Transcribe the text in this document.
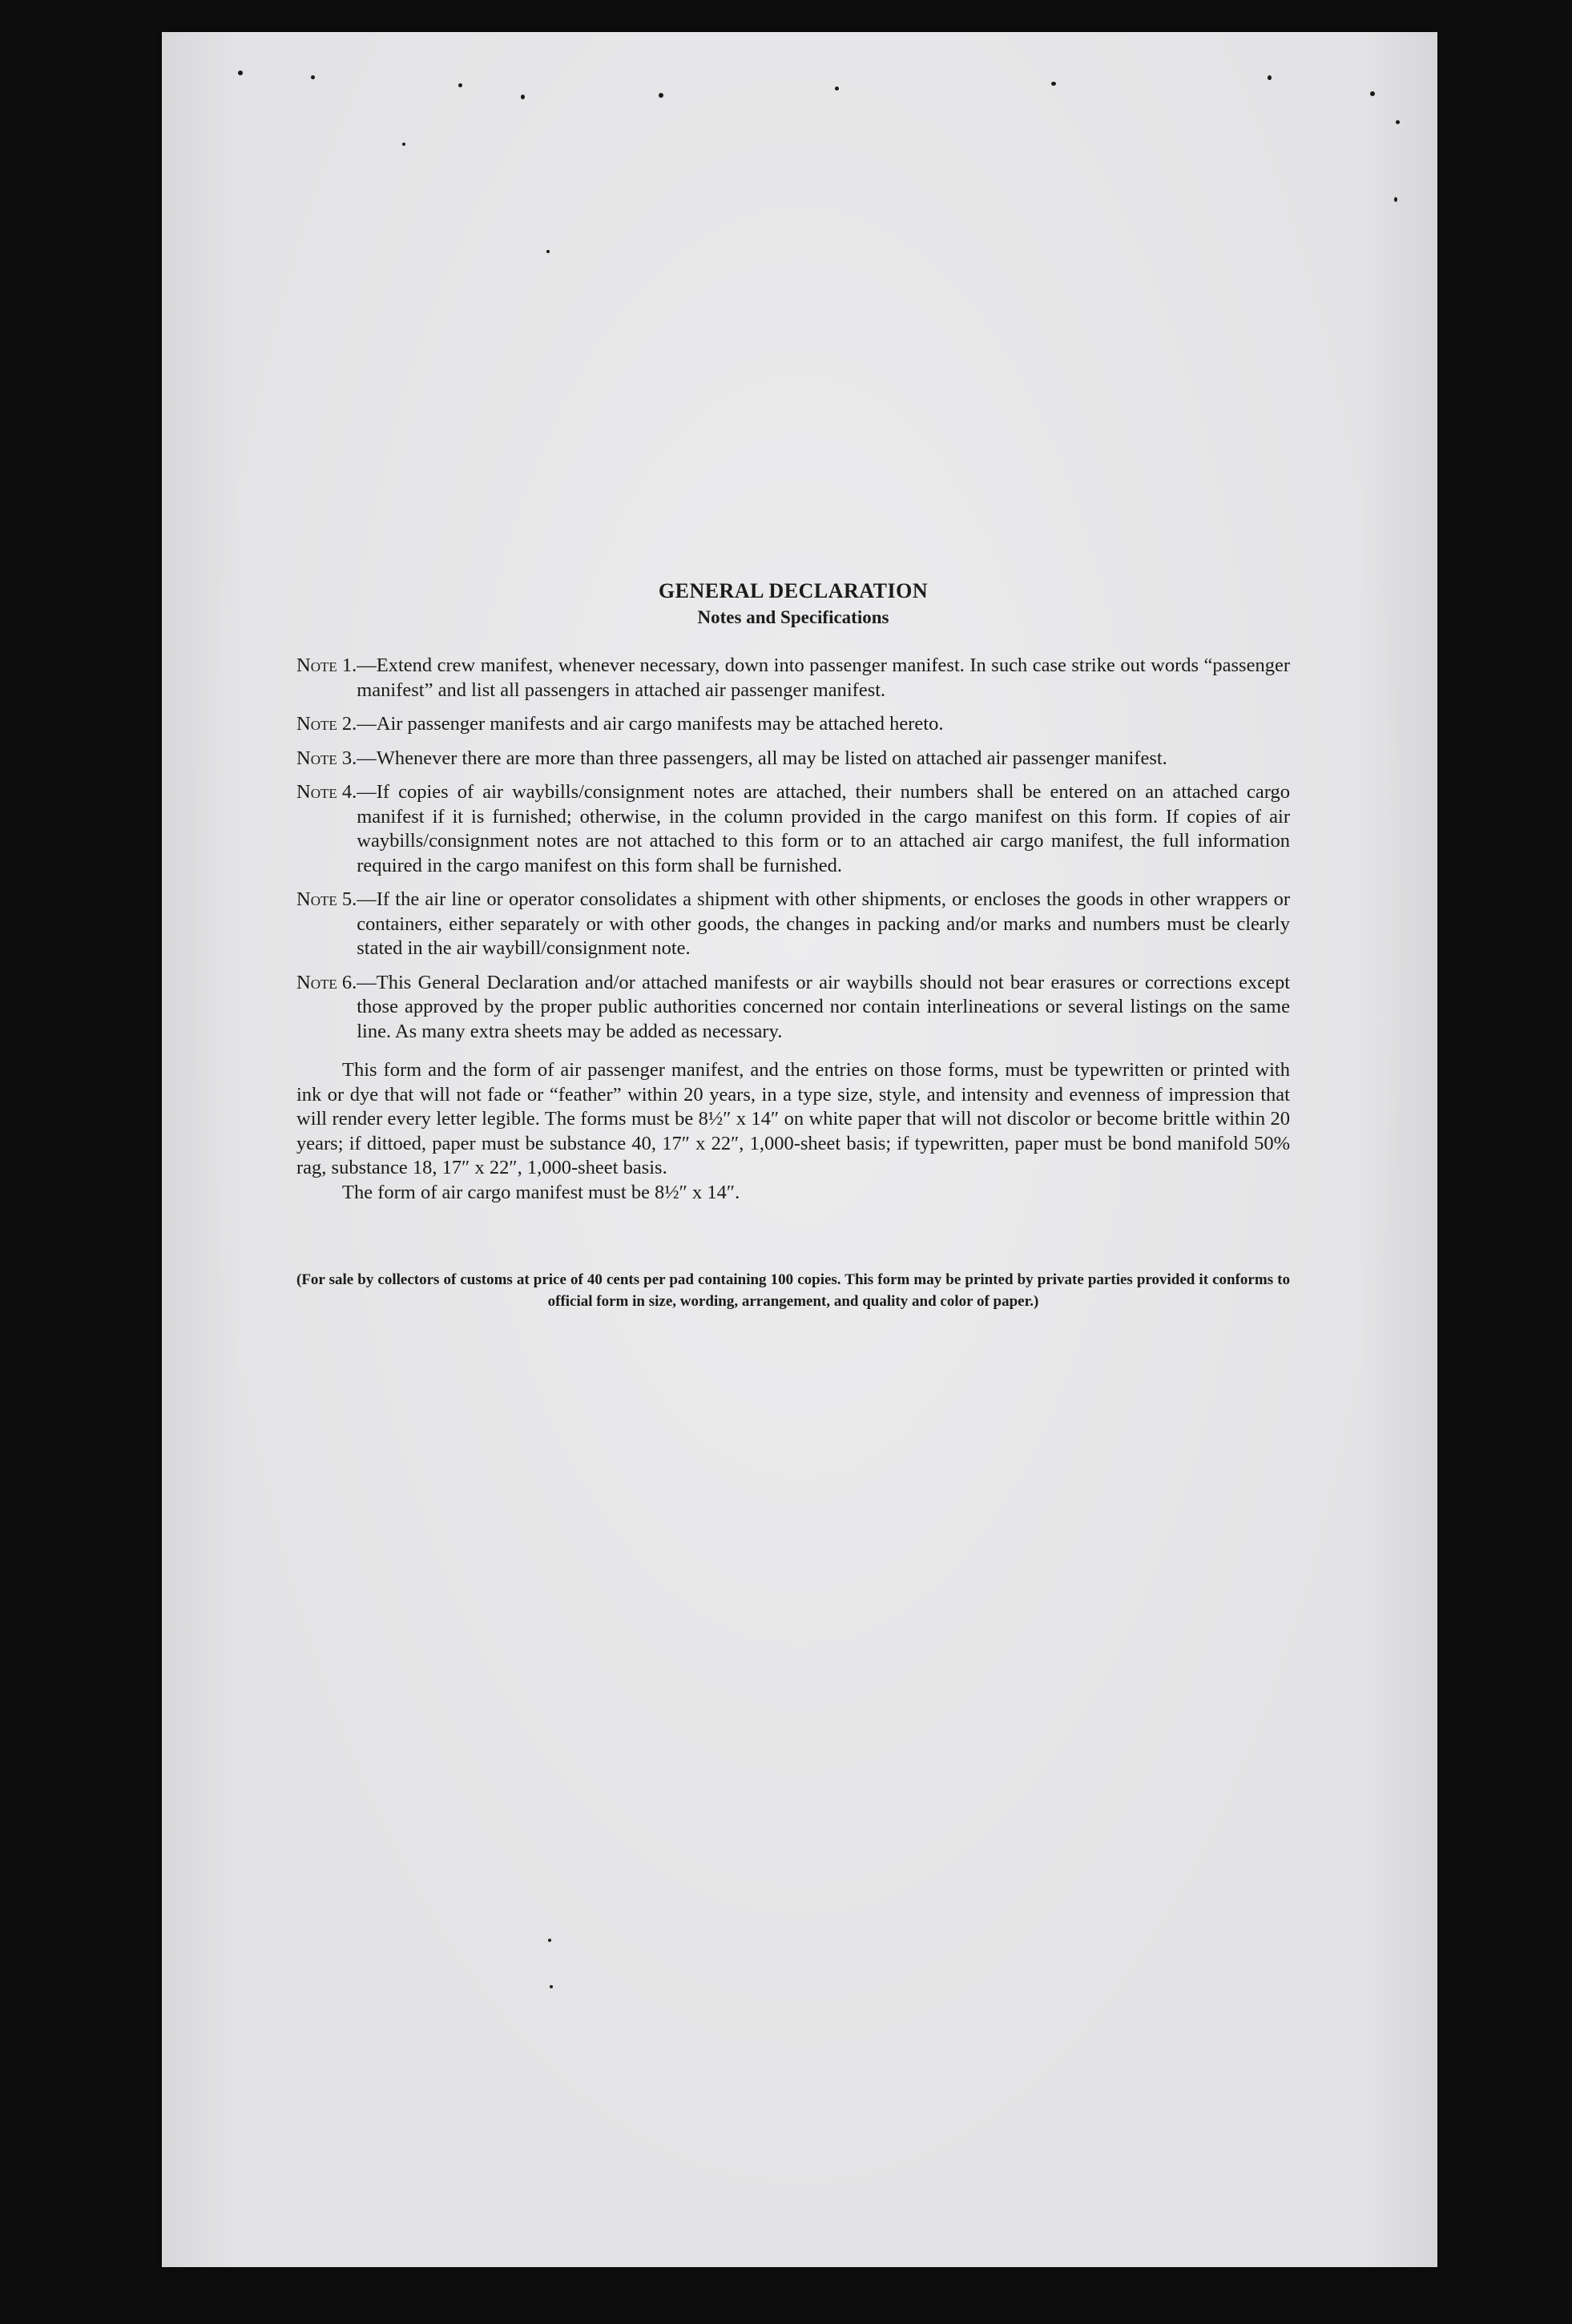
GENERAL DECLARATION
Notes and Specifications
Note 1. —Extend crew manifest, whenever necessary, down into passenger manifest. In such case strike out words “passenger manifest” and list all passengers in attached air passenger manifest.
Note 2. —Air passenger manifests and air cargo manifests may be attached hereto.
Note 3. —Whenever there are more than three passengers, all may be listed on attached air passenger manifest.
Note 4. —If copies of air waybills/consignment notes are attached, their numbers shall be entered on an attached cargo manifest if it is furnished; otherwise, in the column provided in the cargo manifest on this form. If copies of air waybills/consignment notes are not attached to this form or to an attached air cargo manifest, the full information required in the cargo manifest on this form shall be furnished.
Note 5. —If the air line or operator consolidates a shipment with other shipments, or encloses the goods in other wrappers or containers, either separately or with other goods, the changes in packing and/or marks and numbers must be clearly stated in the air waybill/consignment note.
Note 6. —This General Declaration and/or attached manifests or air waybills should not bear erasures or corrections except those approved by the proper public authorities concerned nor contain interlineations or several listings on the same line. As many extra sheets may be added as necessary.

This form and the form of air passenger manifest, and the entries on those forms, must be typewritten or printed with ink or dye that will not fade or “feather” within 20 years, in a type size, style, and intensity and evenness of impression that will render every letter legible. The forms must be 8½″ x 14″ on white paper that will not discolor or become brittle within 20 years; if dittoed, paper must be substance 40, 17″ x 22″, 1,000-sheet basis; if typewritten, paper must be bond manifold 50% rag, substance 18, 17″ x 22″, 1,000-sheet basis.

The form of air cargo manifest must be 8½″ x 14″.

(For sale by collectors of customs at price of 40 cents per pad containing 100 copies. This form may be printed by private parties provided it conforms to official form in size, wording, arrangement, and quality and color of paper.)
